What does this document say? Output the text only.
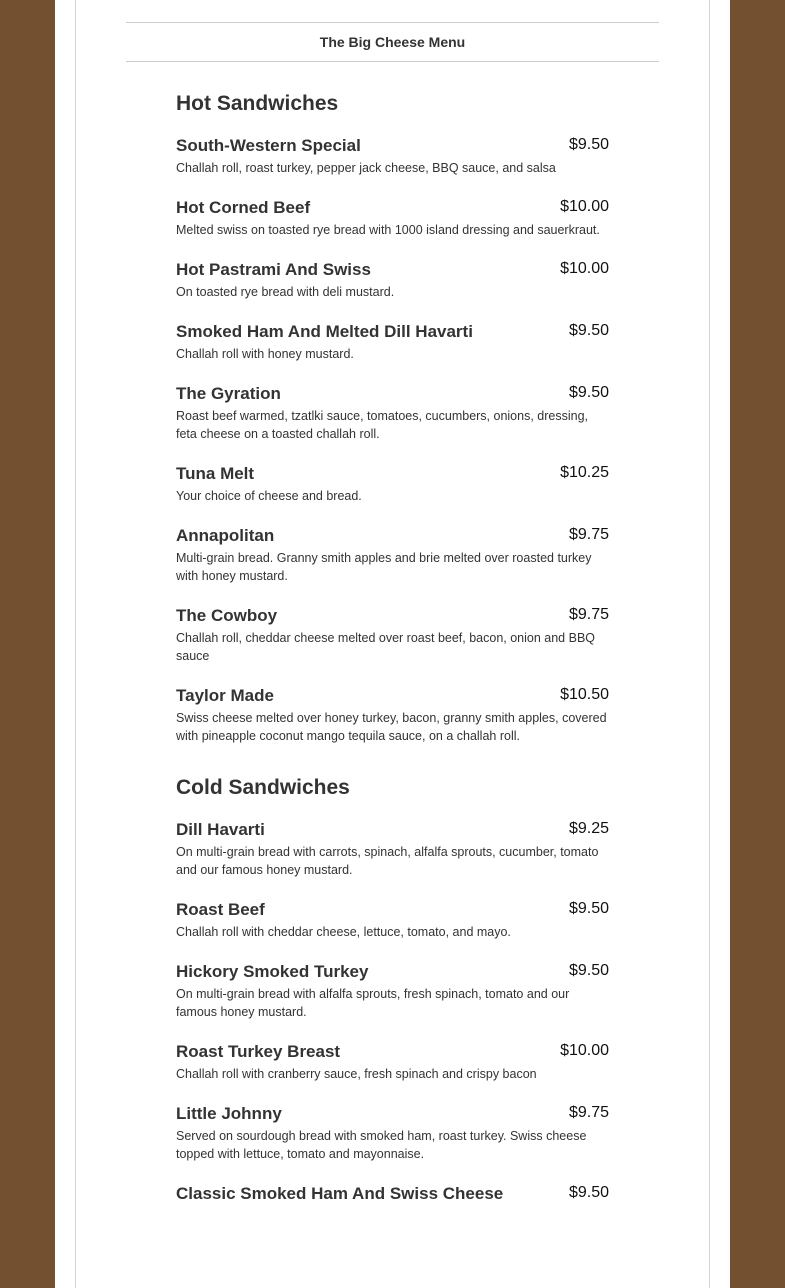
The Big Cheese Menu
Hot Sandwiches
South-Western Special	$9.50

Challah roll, roast turkey, pepper jack cheese, BBQ sauce, and salsa

Hot Corned Beef	$10.00

Melted swiss on toasted rye bread with 1000 island dressing and sauerkraut.

Hot Pastrami And Swiss	$10.00

On toasted rye bread with deli mustard.

Smoked Ham And Melted Dill Havarti	$9.50

Challah roll with honey mustard.

The Gyration	$9.50

Roast beef warmed, tzatlki sauce, tomatoes, cucumbers, onions, dressing, feta cheese on a toasted challah roll.

Tuna Melt	$10.25

Your choice of cheese and bread.

Annapolitan	$9.75

Multi-grain bread. Granny smith apples and brie melted over roasted turkey with honey mustard.

The Cowboy	$9.75

Challah roll, cheddar cheese melted over roast beef, bacon, onion and BBQ sauce

Taylor Made	$10.50

Swiss cheese melted over honey turkey, bacon, granny smith apples, covered with pineapple coconut mango tequila sauce, on a challah roll.

Cold Sandwiches
Dill Havarti	$9.25

On multi-grain bread with carrots, spinach, alfalfa sprouts, cucumber, tomato and our famous honey mustard.

Roast Beef	$9.50

Challah roll with cheddar cheese, lettuce, tomato, and mayo.

Hickory Smoked Turkey	$9.50

On multi-grain bread with alfalfa sprouts, fresh spinach, tomato and our famous honey mustard.

Roast Turkey Breast	$10.00

Challah roll with cranberry sauce, fresh spinach and crispy bacon

Little Johnny	$9.75

Served on sourdough bread with smoked ham, roast turkey. Swiss cheese topped with lettuce, tomato and mayonnaise.

Classic Smoked Ham And Swiss Cheese	$9.50
